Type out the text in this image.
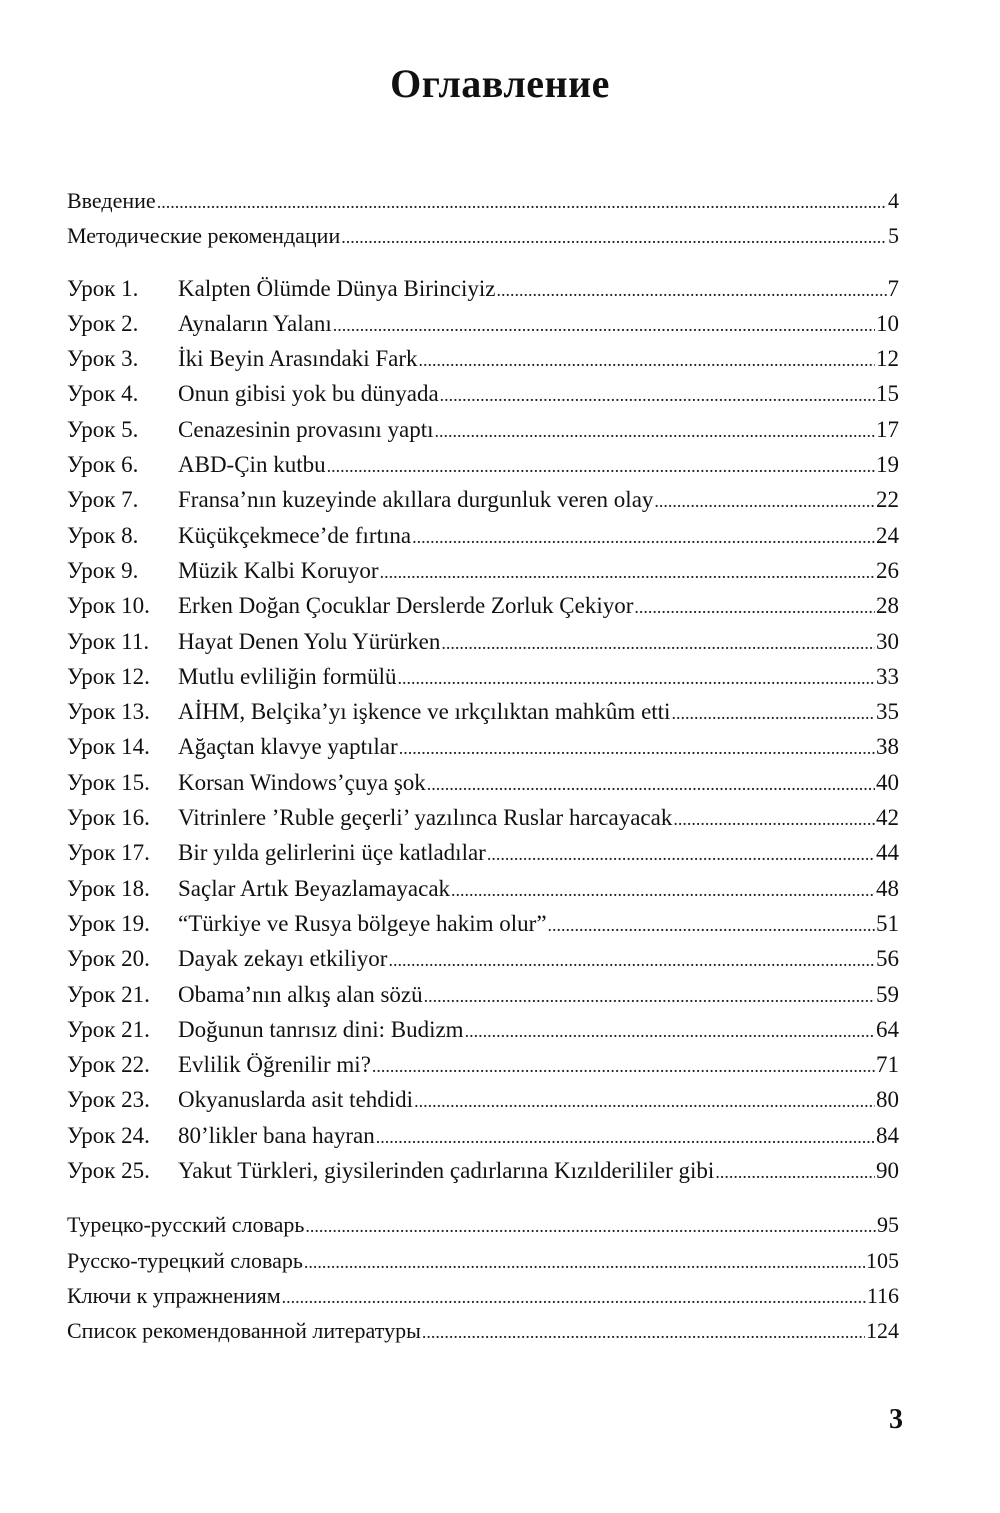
Оглавление
Введение .....	4
Методические рекомендации .....	5
Урок 1.	Kalpten Ölümde Dünya Birinciyiz .....	7
Урок 2.	Aynaların Yalanı .....	10
Урок 3.	İki Beyin Arasındaki Fark .....	12
Урок 4.	Onun gibisi yok bu dünyada .....	15
Урок 5.	Cenazesinin provasını yaptı .....	17
Урок 6.	ABD-Çin kutbu .....	19
Урок 7.	Fransa’nın kuzeyinde akıllara durgunluk veren olay .....	22
Урок 8.	Küçükçekmece’de fırtına .....	24
Урок 9.	Müzik Kalbi Koruyor .....	26
Урок 10.	Erken Doğan Çocuklar Derslerde Zorluk Çekiyor .....	28
Урок 11.	Hayat Denen Yolu Yürürken .....	30
Урок 12.	Mutlu evliliğin formülü .....	33
Урок 13.	AİHM, Belçika’yı işkence ve ırkçılıktan mahkûm etti .....	35
Урок 14.	Ağaçtan klavye yaptılar .....	38
Урок 15.	Korsan Windows’çuya şok .....	40
Урок 16.	Vitrinlere ’Ruble geçerli’ yazılınca Ruslar harcayacak .....	42
Урок 17.	Bir yılda gelirlerini üçe katladılar .....	44
Урок 18.	Saçlar Artık Beyazlamayacak .....	48
Урок 19.	“Türkiye ve Rusya bölgeye hakim olur” .....	51
Урок 20.	Dayak zekayı etkiliyor .....	56
Урок 21.	Obama’nın alkış alan sözü .....	59
Урок 21.	Doğunun tanrısız dini: Budizm .....	64
Урок 22.	Evlilik Öğrenilir mi? .....	71
Урок 23.	Okyanuslarda asit tehdidi .....	80
Урок 24.	80’likler bana hayran .....	84
Урок 25.	Yakut Türkleri, giysilerinden çadırlarına Kızılderililer gibi .....	90
Турецко-русский словарь .....	95
Русско-турецкий словарь .....	105
Ключи к упражнениям .....	116
Список рекомендованной литературы .....	124
3
